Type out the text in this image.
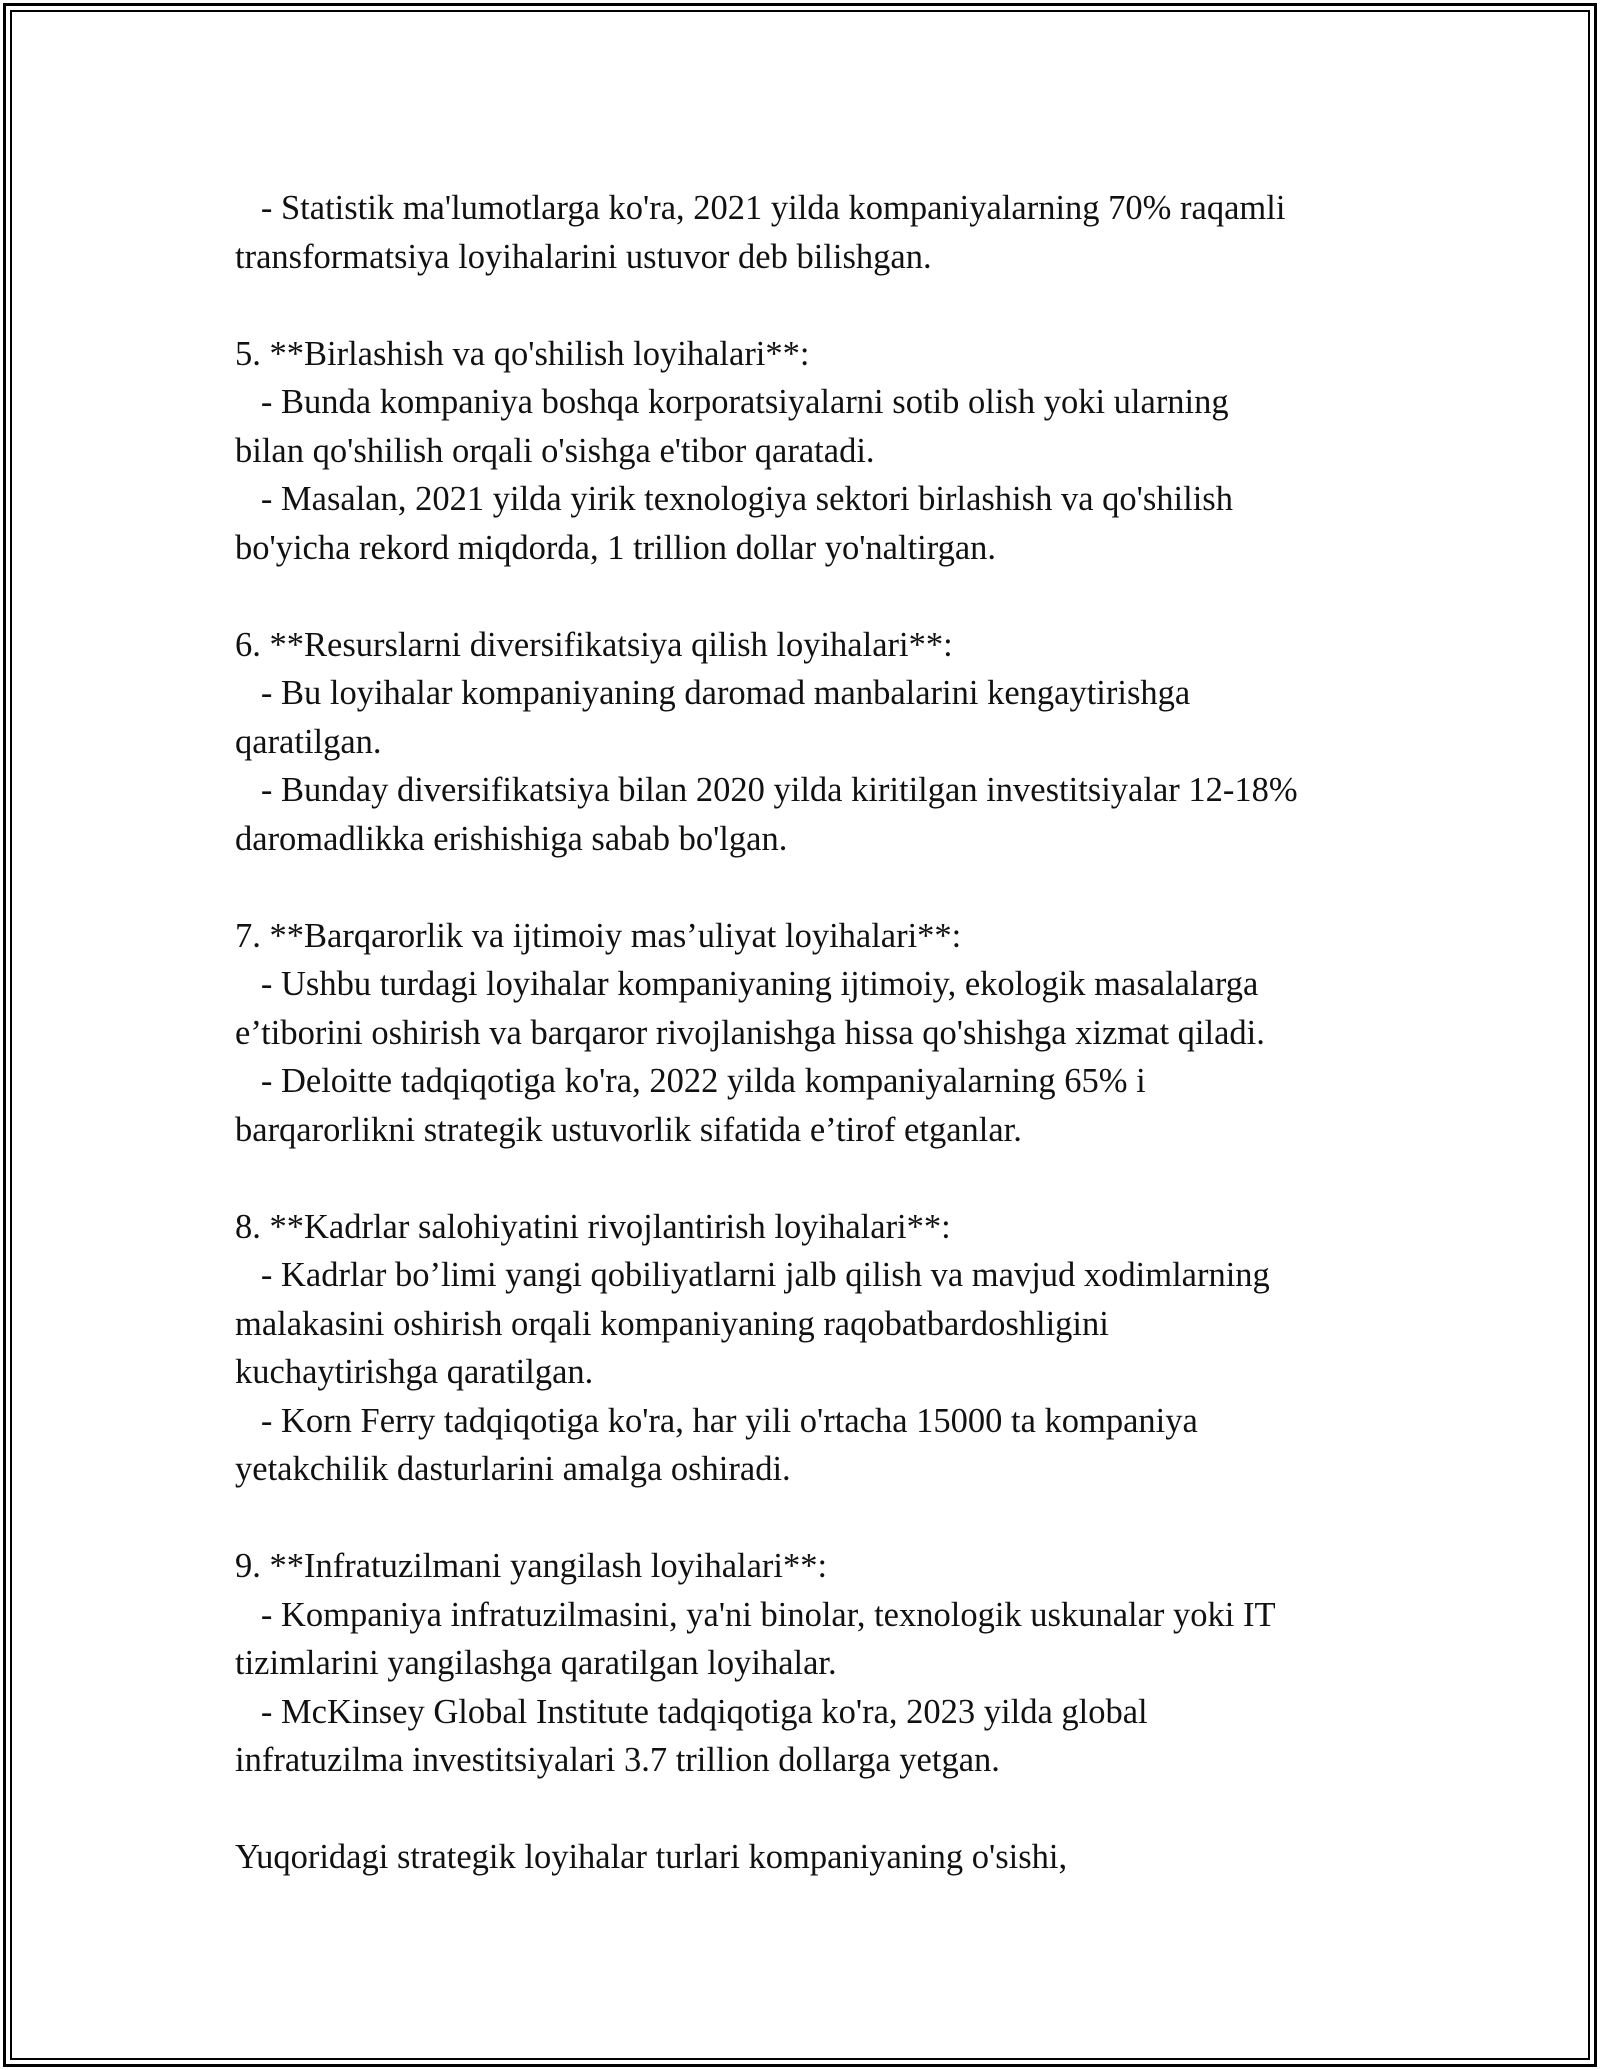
- Statistik ma'lumotlarga ko'ra, 2021 yilda kompaniyalarning 70% raqamli
transformatsiya loyihalarini ustuvor deb bilishgan.
5. **Birlashish va qo'shilish loyihalari**:
- Bunda kompaniya boshqa korporatsiyalarni sotib olish yoki ularning
bilan qo'shilish orqali o'sishga e'tibor qaratadi.
- Masalan, 2021 yilda yirik texnologiya sektori birlashish va qo'shilish
bo'yicha rekord miqdorda, 1 trillion dollar yo'naltirgan.
6. **Resurslarni diversifikatsiya qilish loyihalari**:
- Bu loyihalar kompaniyaning daromad manbalarini kengaytirishga
qaratilgan.
- Bunday diversifikatsiya bilan 2020 yilda kiritilgan investitsiyalar 12-18%
daromadlikka erishishiga sabab bo'lgan.
7. **Barqarorlik va ijtimoiy mas’uliyat loyihalari**:
- Ushbu turdagi loyihalar kompaniyaning ijtimoiy, ekologik masalalarga
e’tiborini oshirish va barqaror rivojlanishga hissa qo'shishga xizmat qiladi.
- Deloitte tadqiqotiga ko'ra, 2022 yilda kompaniyalarning 65% i
barqarorlikni strategik ustuvorlik sifatida e’tirof etganlar.
8. **Kadrlar salohiyatini rivojlantirish loyihalari**:
- Kadrlar bo’limi yangi qobiliyatlarni jalb qilish va mavjud xodimlarning
malakasini oshirish orqali kompaniyaning raqobatbardoshligini
kuchaytirishga qaratilgan.
- Korn Ferry tadqiqotiga ko'ra, har yili o'rtacha 15000 ta kompaniya
yetakchilik dasturlarini amalga oshiradi.
9. **Infratuzilmani yangilash loyihalari**:
- Kompaniya infratuzilmasini, ya'ni binolar, texnologik uskunalar yoki IT
tizimlarini yangilashga qaratilgan loyihalar.
- McKinsey Global Institute tadqiqotiga ko'ra, 2023 yilda global
infratuzilma investitsiyalari 3.7 trillion dollarga yetgan.
Yuqoridagi strategik loyihalar turlari kompaniyaning o'sishi,
